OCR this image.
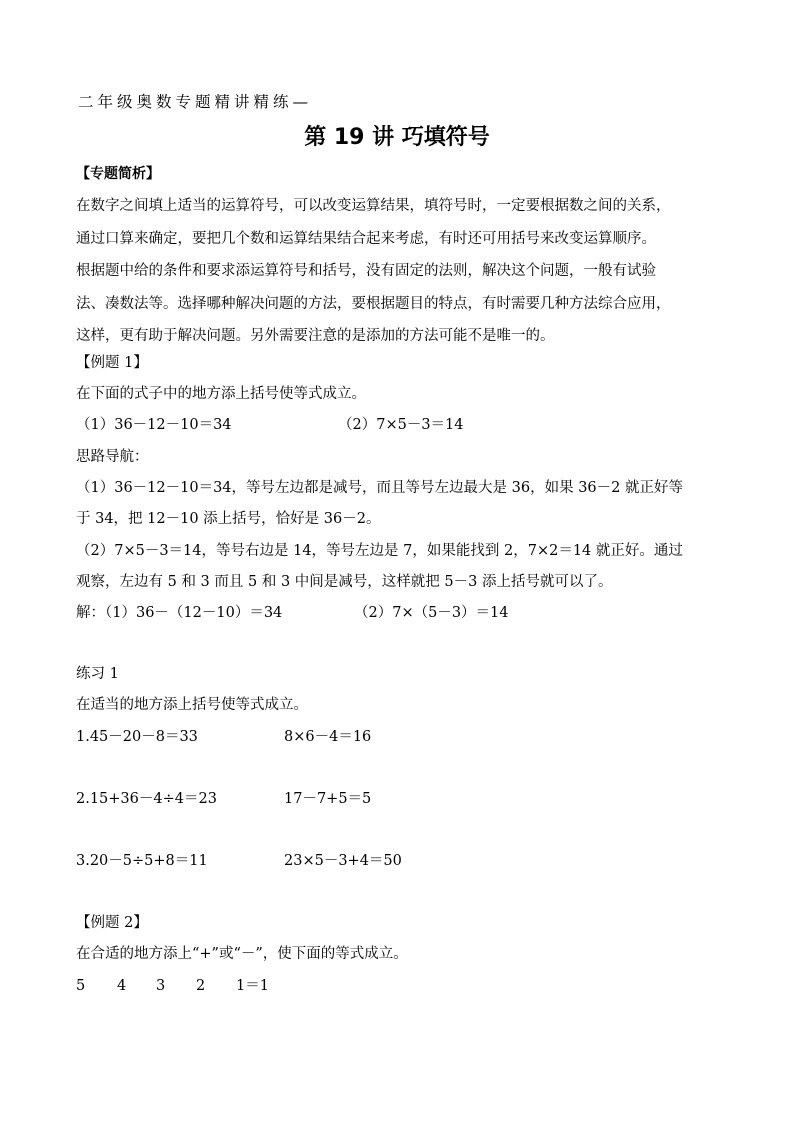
二年级奥数专题精讲精练—
第 19 讲 巧填符号
【专题简析】
在数字之间填上适当的运算符号，可以改变运算结果，填符号时，一定要根据数之间的关系，
通过口算来确定，要把几个数和运算结果结合起来考虑，有时还可用括号来改变运算顺序。
根据题中给的条件和要求添运算符号和括号，没有固定的法则，解决这个问题，一般有试验
法、凑数法等。选择哪种解决问题的方法，要根据题目的特点，有时需要几种方法综合应用，
这样，更有助于解决问题。另外需要注意的是添加的方法可能不是唯一的。
【例题 1】
在下面的式子中的地方添上括号使等式成立。
（1）36－12－10＝34	（2）7×5－3＝14
思路导航：
（1）36－12－10＝34，等号左边都是减号，而且等号左边最大是 36，如果 36－2 就正好等
于 34，把 12－10 添上括号，恰好是 36－2。
（2）7×5－3＝14，等号右边是 14，等号左边是 7，如果能找到 2，7×2＝14 就正好。通过
观察，左边有 5 和 3 而且 5 和 3 中间是减号，这样就把 5－3 添上括号就可以了。
解：（1）36－（12－10）＝34	（2）7×（5－3）＝14
练习 1
在适当的地方添上括号使等式成立。
1.45－20－8＝33	8×6－4＝16
2.15+36－4÷4＝23	17－7+5＝5
3.20－5÷5+8＝11	23×5－3+4＝50
【例题 2】
在合适的地方添上“+”或“－”，使下面的等式成立。
5 4 3 2 1＝1
